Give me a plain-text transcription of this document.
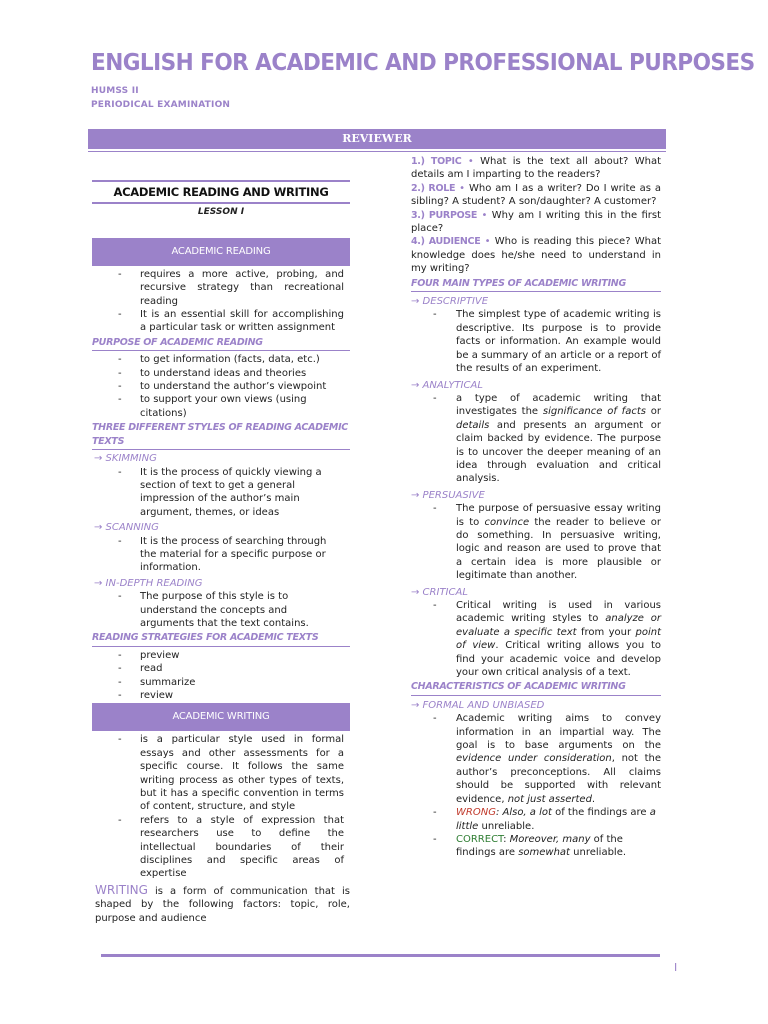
ENGLISH FOR ACADEMIC AND PROFESSIONAL PURPOSES
HUMSS II
PERIODICAL EXAMINATION
REVIEWER
ACADEMIC READING AND WRITING
LESSON I
ACADEMIC READING
- requires a more active, probing, and recursive strategy than recreational reading
- It is an essential skill for accomplishing a particular task or written assignment
PURPOSE OF ACADEMIC READING
- to get information (facts, data, etc.)
- to understand ideas and theories
- to understand the author’s viewpoint
- to support your own views (using citations)
THREE DIFFERENT STYLES OF READING ACADEMIC TEXTS
→ SKIMMING
- It is the process of quickly viewing a section of text to get a general impression of the author’s main argument, themes, or ideas
→ SCANNING
- It is the process of searching through the material for a specific purpose or information.
→ IN-DEPTH READING
- The purpose of this style is to understand the concepts and arguments that the text contains.
READING STRATEGIES FOR ACADEMIC TEXTS
- preview
- read
- summarize
- review
ACADEMIC WRITING
- is a particular style used in formal essays and other assessments for a specific course. It follows the same writing process as other types of texts, but it has a specific convention in terms of content, structure, and style
- refers to a style of expression that researchers use to define the intellectual boundaries of their disciplines and specific areas of expertise
WRITING is a form of communication that is shaped by the following factors: topic, role, purpose and audience
1.) TOPIC • What is the text all about? What details am I imparting to the readers?
2.) ROLE • Who am I as a writer? Do I write as a sibling? A student? A son/daughter? A customer?
3.) PURPOSE • Why am I writing this in the first place?
4.) AUDIENCE • Who is reading this piece? What knowledge does he/she need to understand in my writing?
FOUR MAIN TYPES OF ACADEMIC WRITING
→ DESCRIPTIVE
- The simplest type of academic writing is descriptive. Its purpose is to provide facts or information. An example would be a summary of an article or a report of the results of an experiment.
→ ANALYTICAL
- a type of academic writing that investigates the significance of facts or details and presents an argument or claim backed by evidence. The purpose is to uncover the deeper meaning of an idea through evaluation and critical analysis.
→ PERSUASIVE
- The purpose of persuasive essay writing is to convince the reader to believe or do something. In persuasive writing, logic and reason are used to prove that a certain idea is more plausible or legitimate than another.
→ CRITICAL
- Critical writing is used in various academic writing styles to analyze or evaluate a specific text from your point of view. Critical writing allows you to find your academic voice and develop your own critical analysis of a text.
CHARACTERISTICS OF ACADEMIC WRITING
→ FORMAL AND UNBIASED
- Academic writing aims to convey information in an impartial way. The goal is to base arguments on the evidence under consideration, not the author’s preconceptions. All claims should be supported with relevant evidence, not just asserted.
- WRONG: Also, a lot of the findings are a little unreliable.
- CORRECT: Moreover, many of the findings are somewhat unreliable.
I
